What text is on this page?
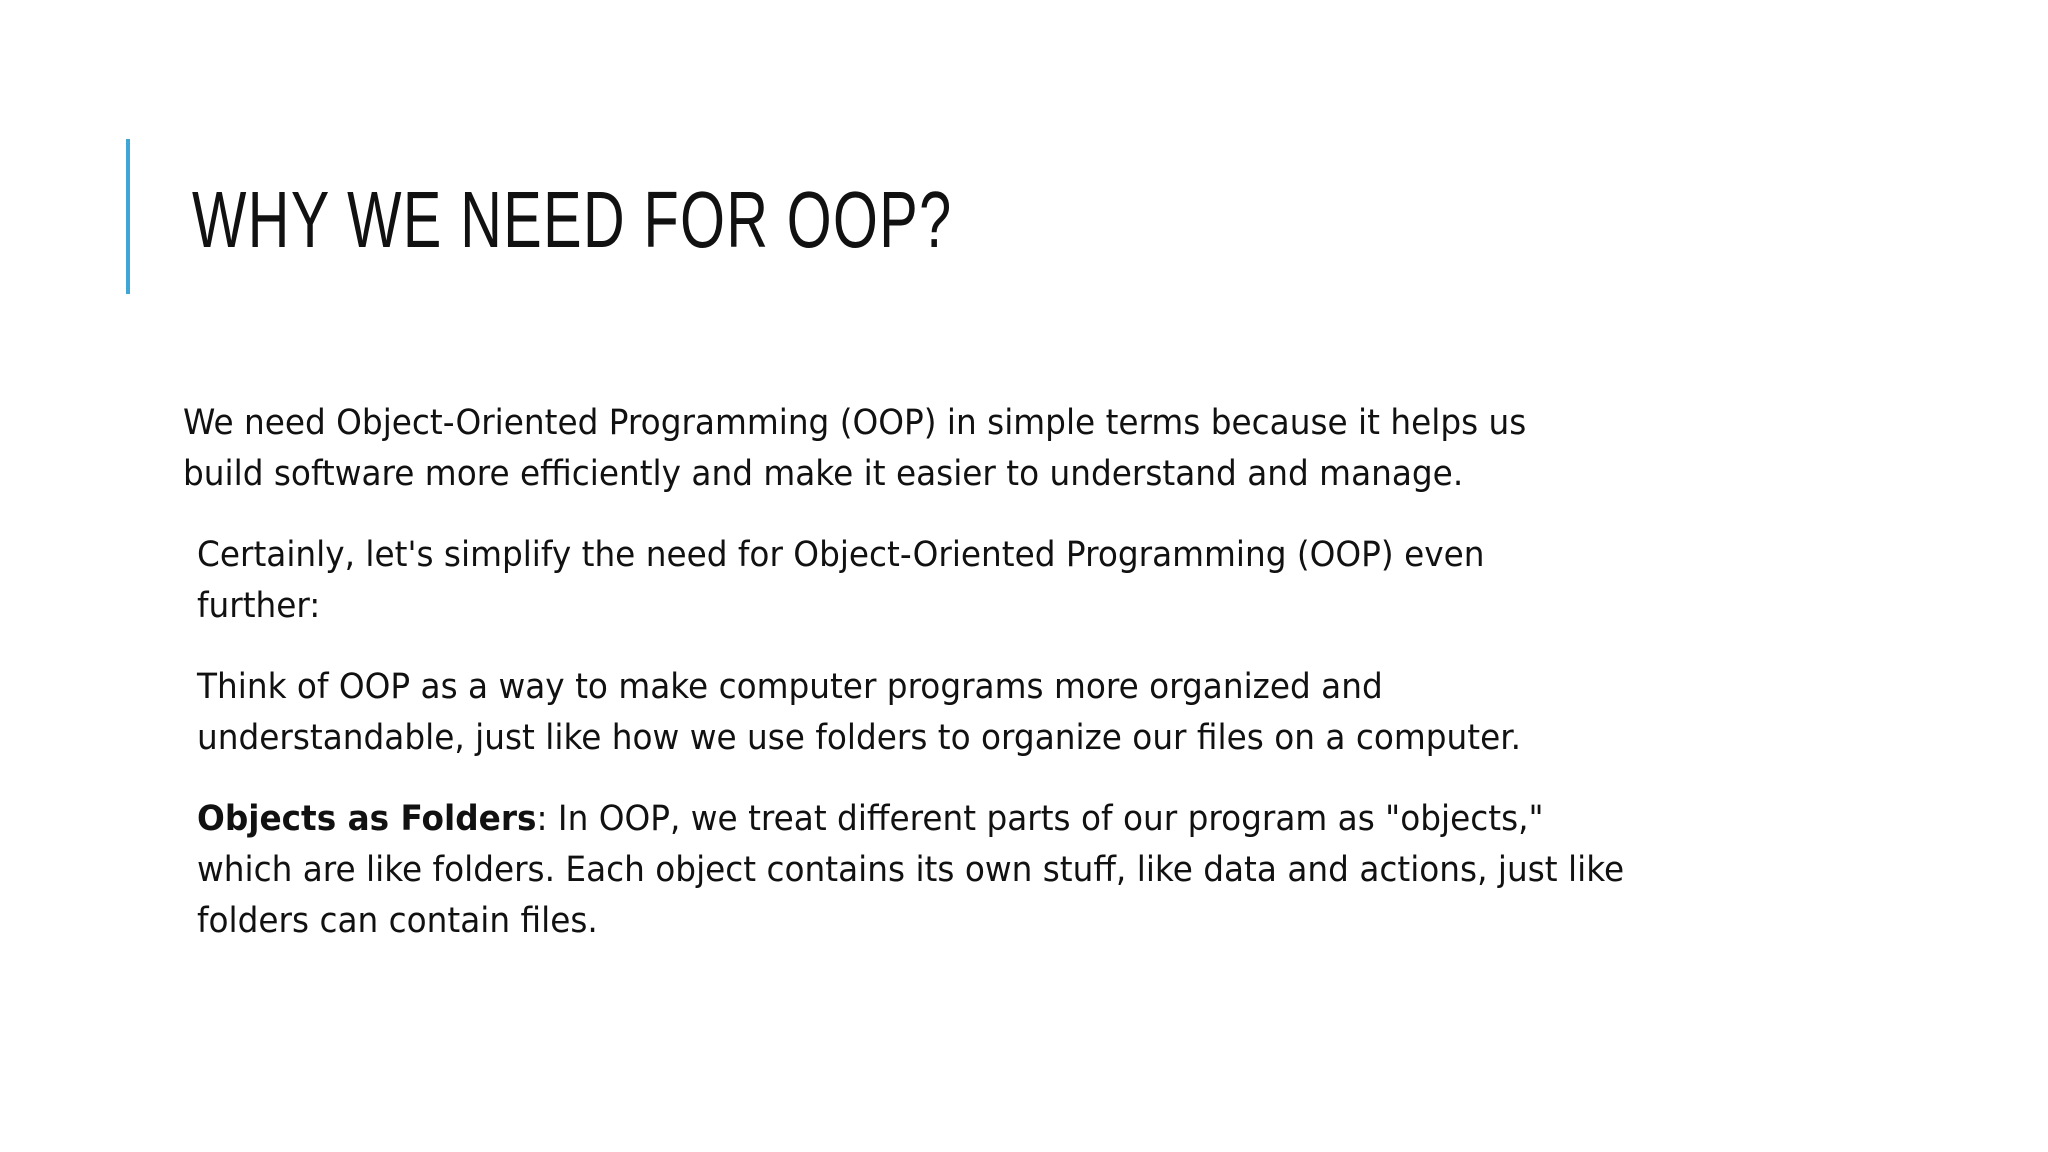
WHY WE NEED FOR OOP?

We need Object-Oriented Programming (OOP) in simple terms because it helps us
build software more efficiently and make it easier to understand and manage.

Certainly, let's simplify the need for Object-Oriented Programming (OOP) even
further:

Think of OOP as a way to make computer programs more organized and
understandable, just like how we use folders to organize our files on a computer.

Objects as Folders: In OOP, we treat different parts of our program as "objects,"
which are like folders. Each object contains its own stuff, like data and actions, just like
folders can contain files.
